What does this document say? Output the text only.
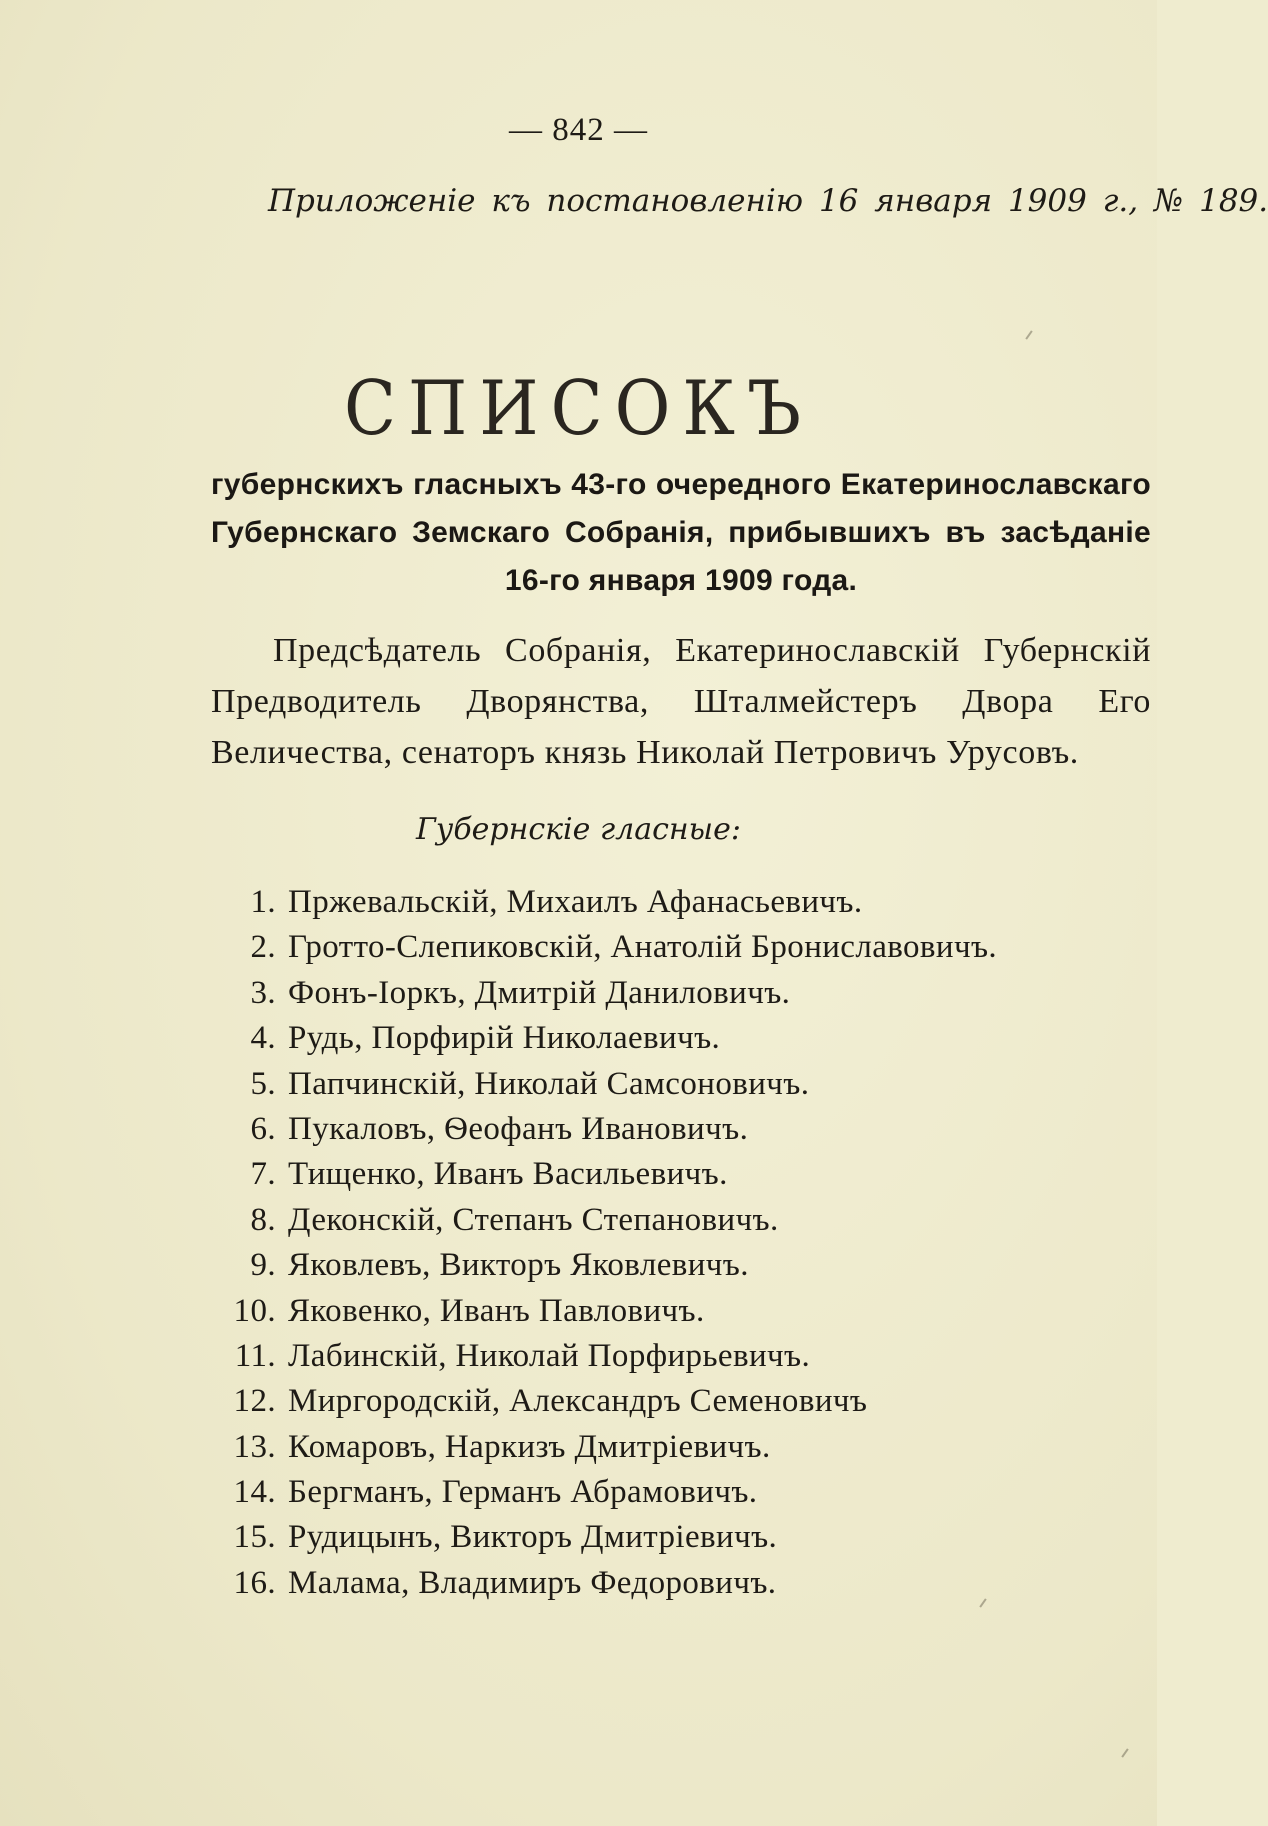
— 842 —
Приложеніе къ постановленію 16 января 1909 г., № 189.
СПИСОКЪ
губернскихъ гласныхъ 43-го очередного Екатеринославскаго Губернскаго Земскаго Собранія, прибывшихъ въ засѣданіе 16-го января 1909 года.
Предсѣдатель Собранія, Екатеринославскій Губернскій Предводитель Дворянства, Шталмейстеръ Двора Его Величества, сенаторъ князь Николай Петровичъ Урусовъ.
Губернскіе гласные:
1. Пржевальскій, Михаилъ Афанасьевичъ.
2. Гротто-Слепиковскій, Анатолій Брониславовичъ.
3. Фонъ-Іоркъ, Дмитрій Даниловичъ.
4. Рудь, Порфирій Николаевичъ.
5. Папчинскій, Николай Самсоновичъ.
6. Пукаловъ, Ѳеофанъ Ивановичъ.
7. Тищенко, Иванъ Васильевичъ.
8. Деконскій, Степанъ Степановичъ.
9. Яковлевъ, Викторъ Яковлевичъ.
10. Яковенко, Иванъ Павловичъ.
11. Лабинскій, Николай Порфирьевичъ.
12. Миргородскій, Александръ Семеновичъ
13. Комаровъ, Наркизъ Дмитріевичъ.
14. Бергманъ, Германъ Абрамовичъ.
15. Рудицынъ, Викторъ Дмитріевичъ.
16. Малама, Владимиръ Федоровичъ.
